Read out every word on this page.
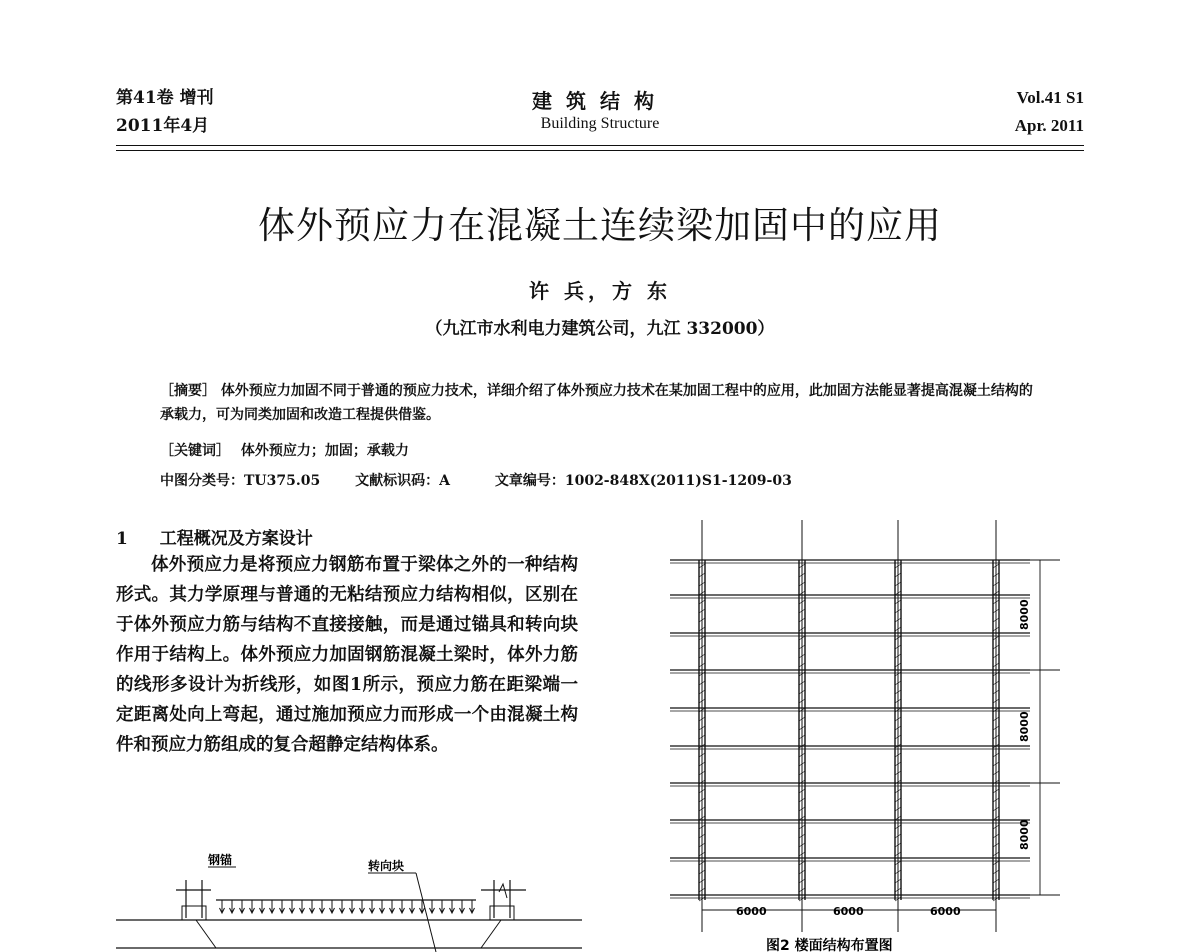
第41卷 增刊
2011年4月
建筑结构
Building Structure
Vol.41 S1
Apr. 2011
体外预应力在混凝土连续梁加固中的应用
许 兵，方 东
（九江市水利电力建筑公司，九江 332000）
［摘要］ 体外预应力加固不同于普通的预应力技术，详细介绍了体外预应力技术在某加固工程中的应用，此加固方法能显著提高混凝土结构的承载力，可为同类加固和改造工程提供借鉴。
［关键词］ 体外预应力；加固；承载力
中图分类号：TU375.05 文献标识码：A	文章编号：1002-848X(2011)S1-1209-03
1 工程概况及方案设计

体外预应力是将预应力钢筋布置于梁体之外的一种结构形式。其力学原理与普通的无粘结预应力结构相似，区别在于体外预应力筋与结构不直接接触，而是通过锚具和转向块作用于结构上。体外预应力加固钢筋混凝土梁时，体外力筋的线形多设计为折线形，如图1所示，预应力筋在距梁端一定距离处向上弯起，通过施加预应力而形成一个由混凝土构件和预应力筋组成的复合超静定结构体系。

钢锚	转向块
6000	6000	6000
8000
8000
8000
图2 楼面结构布置图
